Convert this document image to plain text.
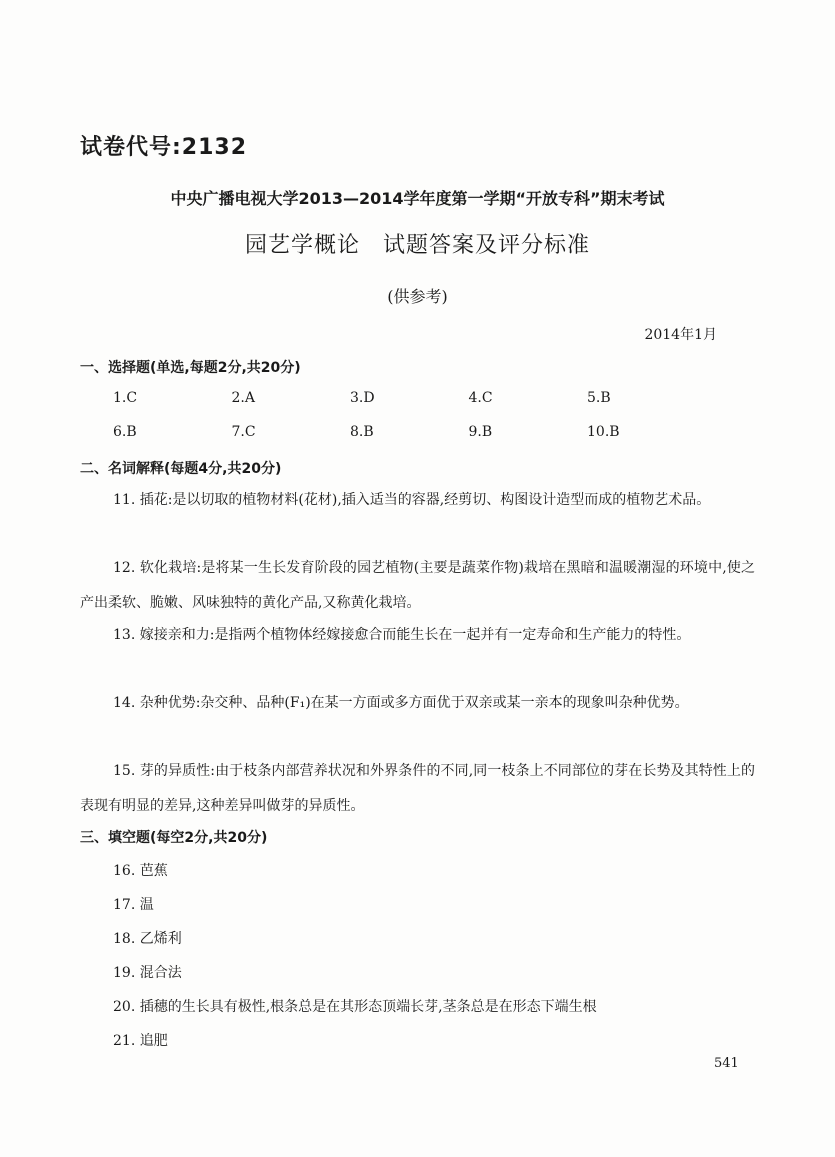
试卷代号:2132
中央广播电视大学2013—2014学年度第一学期“开放专科”期末考试
园艺学概论　试题答案及评分标准
(供参考)
2014年1月
一、选择题(单选,每题2分,共20分)
1.C	2.A	3.D	4.C	5.B
6.B	7.C	8.B	9.B	10.B
二、名词解释(每题4分,共20分)
11. 插花:是以切取的植物材料(花材),插入适当的容器,经剪切、构图设计造型而成的植物艺术品。
12. 软化栽培:是将某一生长发育阶段的园艺植物(主要是蔬菜作物)栽培在黑暗和温暖潮湿的环境中,使之产出柔软、脆嫩、风味独特的黄化产品,又称黄化栽培。
13. 嫁接亲和力:是指两个植物体经嫁接愈合而能生长在一起并有一定寿命和生产能力的特性。
14. 杂种优势:杂交种、品种(F₁)在某一方面或多方面优于双亲或某一亲本的现象叫杂种优势。
15. 芽的异质性:由于枝条内部营养状况和外界条件的不同,同一枝条上不同部位的芽在长势及其特性上的表现有明显的差异,这种差异叫做芽的异质性。
三、填空题(每空2分,共20分)
16. 芭蕉
17. 温
18. 乙烯利
19. 混合法
20. 插穗的生长具有极性,根条总是在其形态顶端长芽,茎条总是在形态下端生根
21. 追肥
541
